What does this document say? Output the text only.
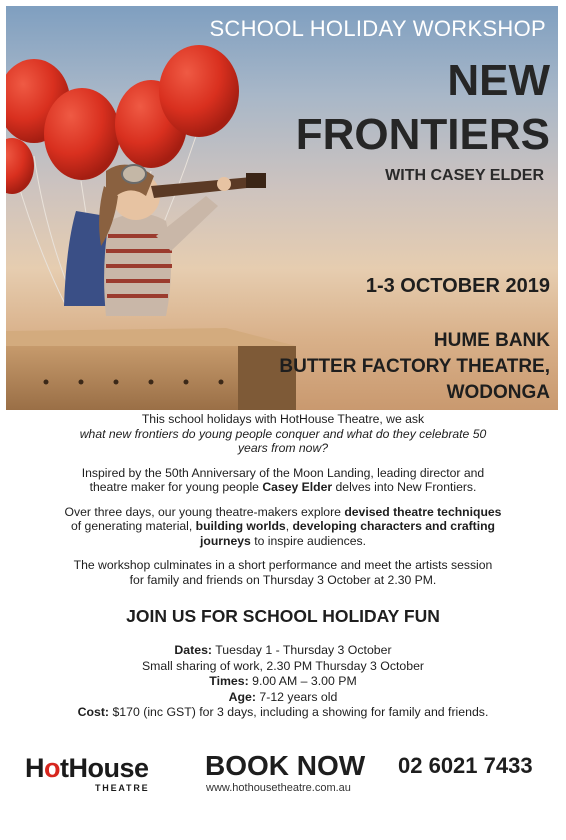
SCHOOL HOLIDAY WORKSHOP
NEW
FRONTIERS
WITH CASEY ELDER
1-3 OCTOBER 2019
HUME BANK
BUTTER FACTORY THEATRE,
WODONGA

This school holidays with HotHouse Theatre, we ask
what new frontiers do young people conquer and what do they celebrate 50
years from now?

Inspired by the 50th Anniversary of the Moon Landing, leading director and
theatre maker for young people Casey Elder delves into New Frontiers.

Over three days, our young theatre-makers explore devised theatre techniques
of generating material, building worlds, developing characters and crafting
journeys to inspire audiences.

The workshop culminates in a short performance and meet the artists session
for family and friends on Thursday 3 October at 2.30 PM.

JOIN US FOR SCHOOL HOLIDAY FUN
Dates: Tuesday 1 - Thursday 3 October
Small sharing of work, 2.30 PM Thursday 3 October
Times: 9.00 AM – 3.00 PM
Age: 7-12 years old
Cost: $170 (inc GST) for 3 days, including a showing for family and friends.
HotHouse
THEATRE
BOOK NOW
www.hothousetheatre.com.au
02 6021 7433
